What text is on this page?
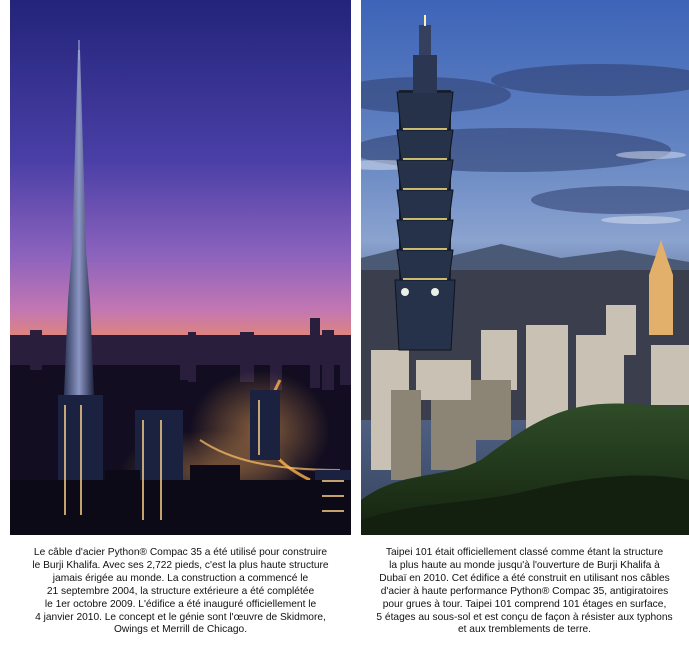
Le câble d'acier Python® Compac 35 a été utilisé pour construire
le Burji Khalifa. Avec ses 2,722 pieds, c'est la plus haute structure
jamais érigée au monde. La construction a commencé le
21 septembre 2004, la structure extérieure a été complétée
le 1er octobre 2009. L'édifice a été inauguré officiellement le
4 janvier 2010. Le concept et le génie sont l'œuvre de Skidmore,
Owings et Merrill de Chicago.

Taipei 101 était officiellement classé comme étant la structure
la plus haute au monde jusqu'à l'ouverture de Burji Khalifa à
Dubaï en 2010. Cet édifice a été construit en utilisant nos câbles
d'acier à haute performance Python® Compac 35, antigiratoires
pour grues à tour. Taipei 101 comprend 101 étages en surface,
5 étages au sous-sol et est conçu de façon à résister aux typhons
et aux tremblements de terre.
